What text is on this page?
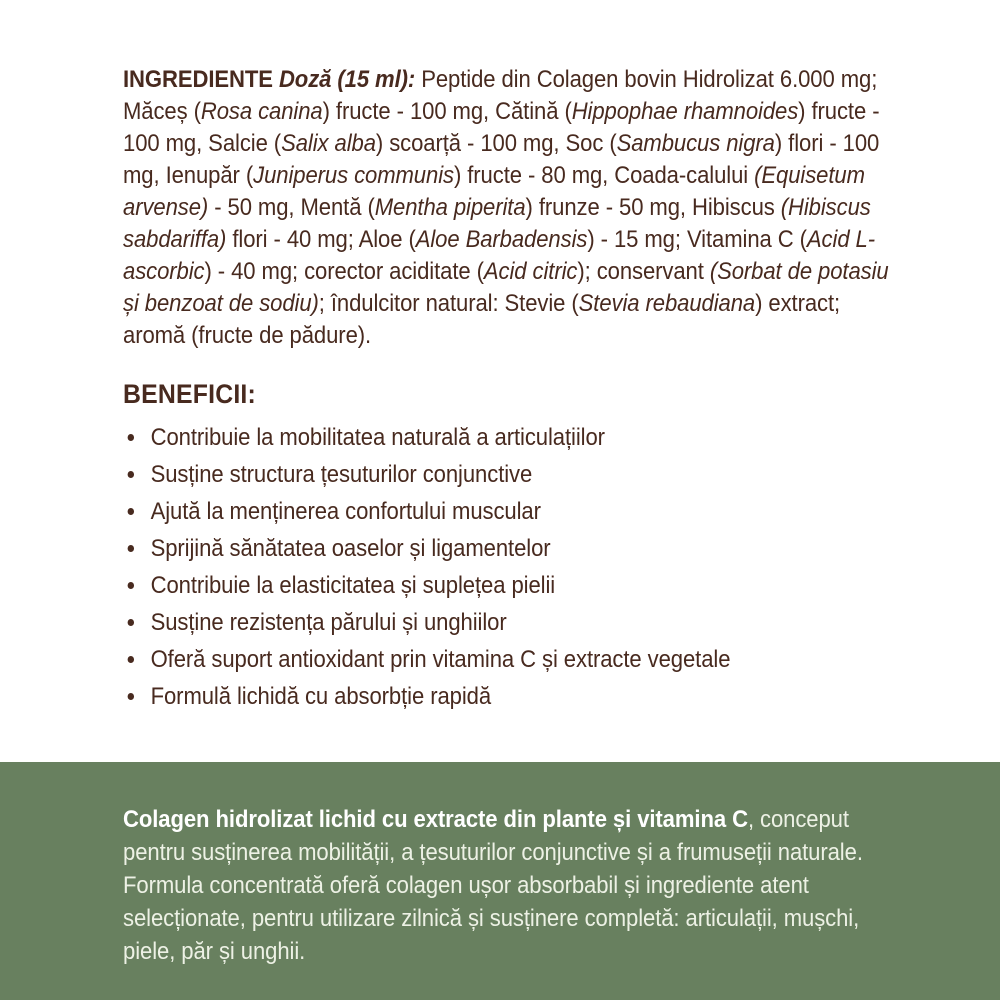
INGREDIENTE Doză (15 ml): Peptide din Colagen bovin Hidrolizat 6.000 mg; Măceș (Rosa canina) fructe - 100 mg, Cătină (Hippophae rhamnoides) fructe - 100 mg, Salcie (Salix alba) scoarță - 100 mg, Soc (Sambucus nigra) flori - 100 mg, Ienupăr (Juniperus communis) fructe - 80 mg, Coada-calului (Equisetum arvense) - 50 mg, Mentă (Mentha piperita) frunze - 50 mg, Hibiscus (Hibiscus sabdariffa) flori - 40 mg; Aloe (Aloe Barbadensis) - 15 mg; Vitamina C (Acid L-ascorbic) - 40 mg; corector aciditate (Acid citric); conservant (Sorbat de potasiu și benzoat de sodiu); îndulcitor natural: Stevie (Stevia rebaudiana) extract; aromă (fructe de pădure).

BENEFICII:
Contribuie la mobilitatea naturală a articulațiilor
Susține structura țesuturilor conjunctive
Ajută la menținerea confortului muscular
Sprijină sănătatea oaselor și ligamentelor
Contribuie la elasticitatea și suplețea pielii
Susține rezistența părului și unghiilor
Oferă suport antioxidant prin vitamina C și extracte vegetale
Formulă lichidă cu absorbție rapidă

Colagen hidrolizat lichid cu extracte din plante și vitamina C, conceput pentru susținerea mobilității, a țesuturilor conjunctive și a frumuseții naturale. Formula concentrată oferă colagen ușor absorbabil și ingrediente atent selecționate, pentru utilizare zilnică și susținere completă: articulații, mușchi, piele, păr și unghii.
